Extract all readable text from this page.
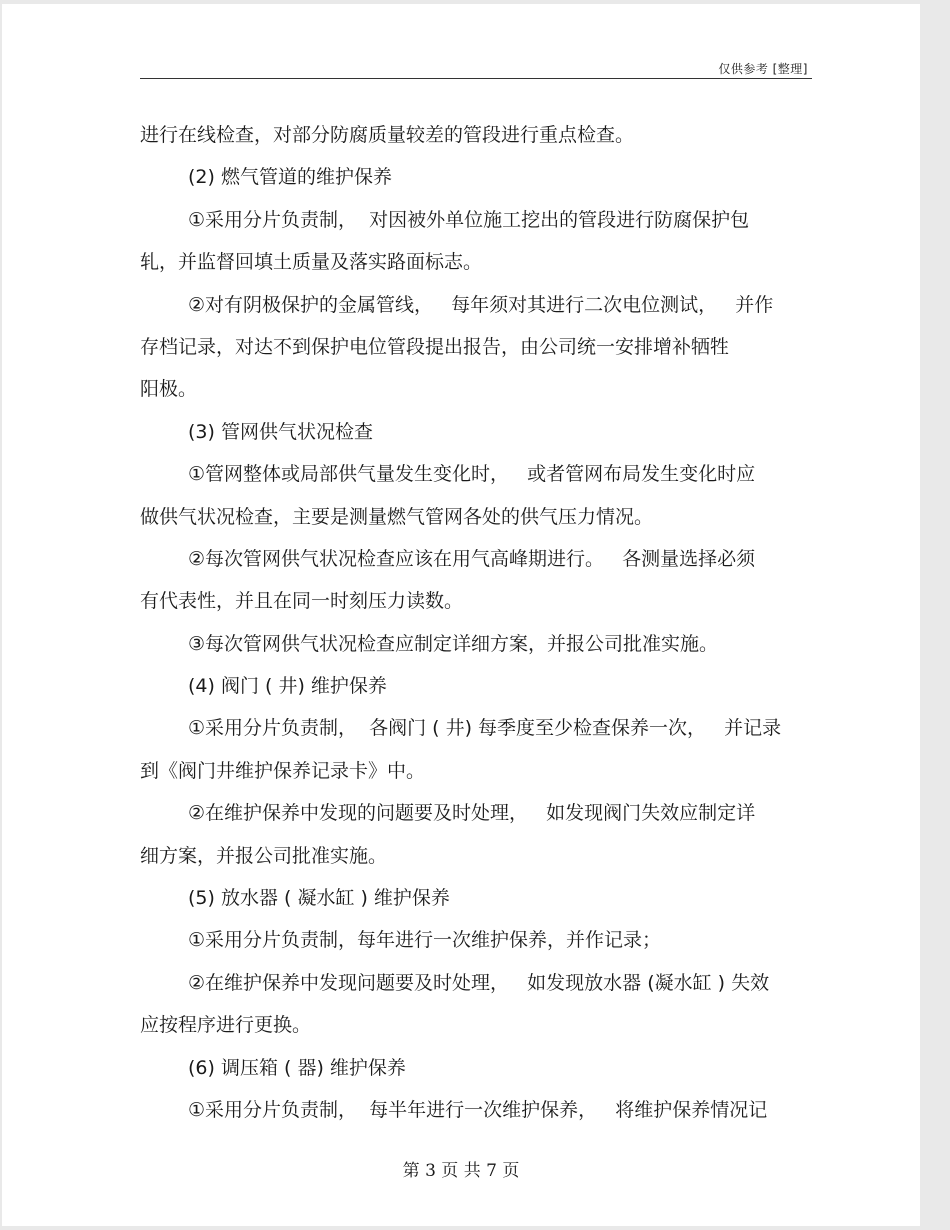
仅供参考 [整理]
进行在线检查，对部分防腐质量较差的管段进行重点检查。
(2) 燃气管道的维护保养
①采用分片负责制，  对因被外单位施工挖出的管段进行防腐保护包
轧，并监督回填土质量及落实路面标志。
②对有阴极保护的金属管线，   每年须对其进行二次电位测试，   并作
存档记录，对达不到保护电位管段提出报告，由公司统一安排增补牺牲
阳极。
(3) 管网供气状况检查
①管网整体或局部供气量发生变化时，   或者管网布局发生变化时应
做供气状况检查，主要是测量燃气管网各处的供气压力情况。
②每次管网供气状况检查应该在用气高峰期进行。   各测量选择必须
有代表性，并且在同一时刻压力读数。
③每次管网供气状况检查应制定详细方案，并报公司批准实施。
(4) 阀门 ( 井) 维护保养
①采用分片负责制，  各阀门 ( 井) 每季度至少检查保养一次，   并记录
到《阀门井维护保养记录卡》中。
②在维护保养中发现的问题要及时处理，   如发现阀门失效应制定详
细方案，并报公司批准实施。
(5) 放水器 ( 凝水缸 ) 维护保养
①采用分片负责制，每年进行一次维护保养，并作记录；
②在维护保养中发现问题要及时处理，   如发现放水器 (凝水缸 ) 失效
应按程序进行更换。
(6) 调压箱 ( 器) 维护保养
①采用分片负责制，  每半年进行一次维护保养，   将维护保养情况记
第 3 页 共 7 页
